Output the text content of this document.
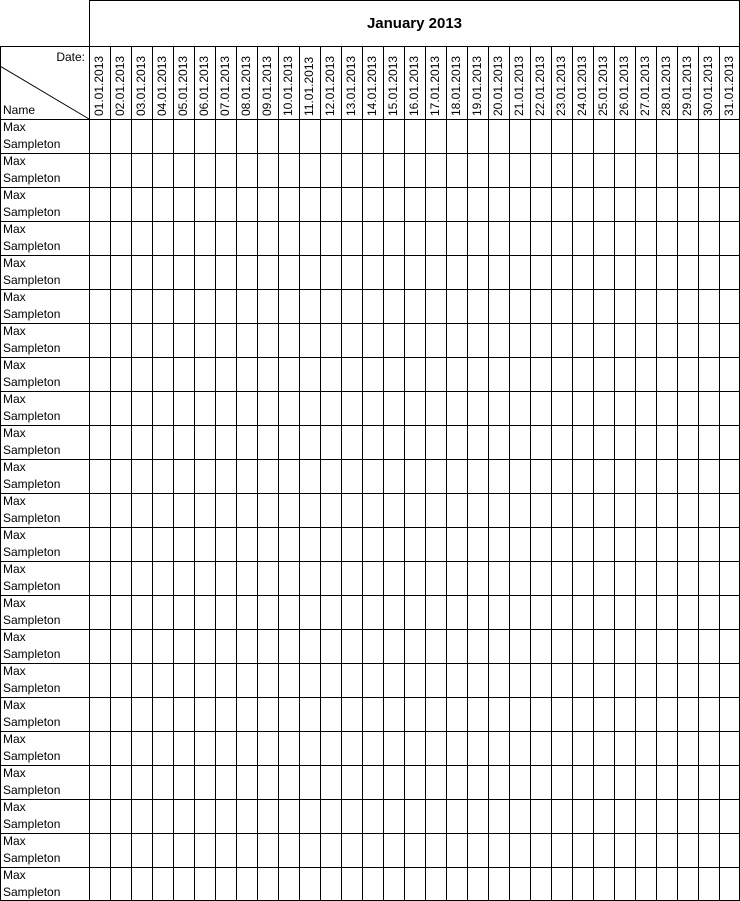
January 2013
Date:
Name	01.01.2013 02.01.2013 03.01.2013 04.01.2013 05.01.2013 06.01.2013 07.01.2013 08.01.2013 09.01.2013 10.01.2013 11.01.2013 12.01.2013 13.01.2013 14.01.2013 15.01.2013 16.01.2013 17.01.2013 18.01.2013 19.01.2013 20.01.2013 21.01.2013 22.01.2013 23.01.2013 24.01.2013 25.01.2013 26.01.2013 27.01.2013 28.01.2013 29.01.2013 30.01.2013 31.01.2013
Max
Sampleton
Max
Sampleton
Max
Sampleton
Max
Sampleton
Max
Sampleton
Max
Sampleton
Max
Sampleton
Max
Sampleton
Max
Sampleton
Max
Sampleton
Max
Sampleton
Max
Sampleton
Max
Sampleton
Max
Sampleton
Max
Sampleton
Max
Sampleton
Max
Sampleton
Max
Sampleton
Max
Sampleton
Max
Sampleton
Max
Sampleton
Max
Sampleton
Max
Sampleton
